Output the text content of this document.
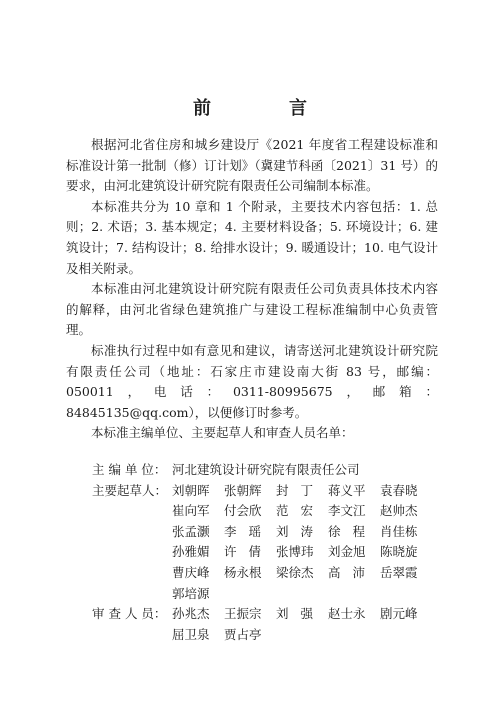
前　言

根据河北省住房和城乡建设厅《2021 年度省工程建设标准和标准设计第一批制（修）订计划》（冀建节科函〔2021〕31 号）的要求，由河北建筑设计研究院有限责任公司编制本标准。

本标准共分为 10 章和 1 个附录，主要技术内容包括：1. 总则；2. 术语；3. 基本规定；4. 主要材料设备；5. 环境设计；6. 建筑设计；7. 结构设计；8. 给排水设计；9. 暖通设计；10. 电气设计及相关附录。

本标准由河北建筑设计研究院有限责任公司负责具体技术内容的解释，由河北省绿色建筑推广与建设工程标准编制中心负责管理。

标准执行过程中如有意见和建议，请寄送河北建筑设计研究院有限责任公司（地址：石家庄市建设南大街 83 号，邮编：050011，电话：0311-80995675，邮箱：84845135@qq.com），以便修订时参考。

本标准主编单位、主要起草人和审查人员名单：

主 编 单 位： 河北建筑设计研究院有限责任公司
主要起草人： 刘朝晖	张朝辉	封丁 蒋义平	袁春晓
崔向军	付会欣	范宏 李文江	赵帅杰
张孟灏	李瑶 刘涛 徐程 肖佳栋
孙雅媚	许倩 张博玮	刘金旭	陈晓旋
曹庆峰	杨永根	梁徐杰	高沛 岳翠霞
郭培源
审 查 人 员： 孙兆杰	王振宗	刘强 赵士永	剧元峰
屈卫泉	贾占亭
